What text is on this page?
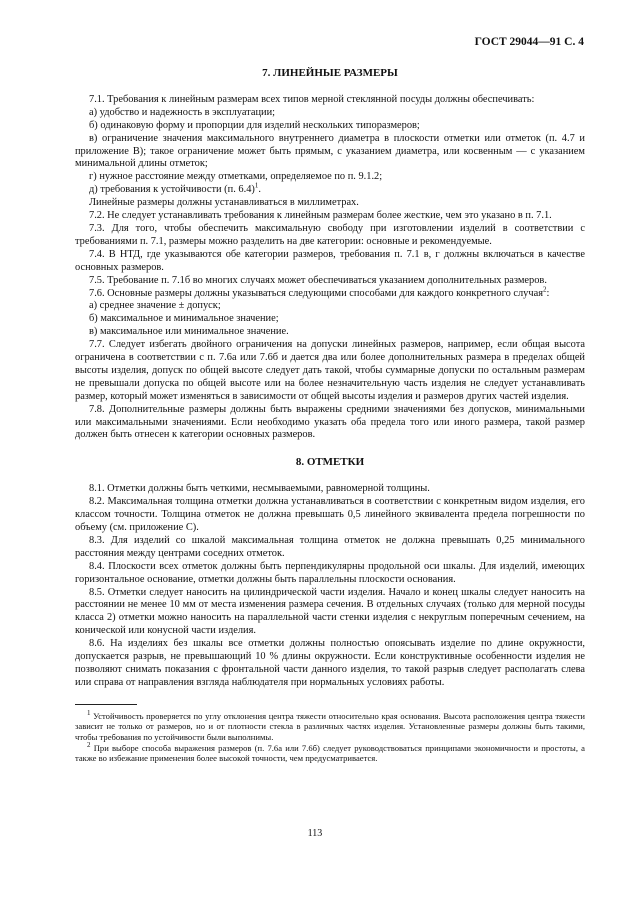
ГОСТ 29044—91 С. 4
7. ЛИНЕЙНЫЕ РАЗМЕРЫ

7.1. Требования к линейным размерам всех типов мерной стеклянной посуды должны обеспечивать:

а) удобство и надежность в эксплуатации;

б) одинаковую форму и пропорции для изделий нескольких типоразмеров;

в) ограничение значения максимального внутреннего диаметра в плоскости отметки или отметок (п. 4.7 и приложение В); такое ограничение может быть прямым, с указанием диаметра, или косвенным — с указанием минимальной длины отметок;

г) нужное расстояние между отметками, определяемое по п. 9.1.2;

д) требования к устойчивости (п. 6.4)$^1$.

Линейные размеры должны устанавливаться в миллиметрах.

7.2. Не следует устанавливать требования к линейным размерам более жесткие, чем это указано в п. 7.1.

7.3. Для того, чтобы обеспечить максимальную свободу при изготовлении изделий в соответствии с требованиями п. 7.1, размеры можно разделить на две категории: основные и рекомендуемые.

7.4. В НТД, где указываются обе категории размеров, требования п. 7.1 в, г должны включаться в качестве основных размеров.

7.5. Требование п. 7.1б во многих случаях может обеспечиваться указанием дополнительных размеров.

7.6. Основные размеры должны указываться следующими способами для каждого конкретного случая$^2$:

а) среднее значение ± допуск;

б) максимальное и минимальное значение;

в) максимальное или минимальное значение.

7.7. Следует избегать двойного ограничения на допуски линейных размеров, например, если общая высота ограничена в соответствии с п. 7.6а или 7.6б и дается два или более дополнительных размера в пределах общей высоты изделия, допуск по общей высоте следует дать такой, чтобы суммарные допуски по остальным размерам не превышали допуска по общей высоте или на более незначительную часть изделия не следует устанавливать размер, который может изменяться в зависимости от общей высоты изделия и размеров других частей изделия.

7.8. Дополнительные размеры должны быть выражены средними значениями без допусков, минимальными или максимальными значениями. Если необходимо указать оба предела того или иного размера, такой размер должен быть отнесен к категории основных размеров.

8. ОТМЕТКИ

8.1. Отметки должны быть четкими, несмываемыми, равномерной толщины.

8.2. Максимальная толщина отметки должна устанавливаться в соответствии с конкретным видом изделия, его классом точности. Толщина отметок не должна превышать 0,5 линейного эквивалента предела погрешности по объему (см. приложение С).

8.3. Для изделий со шкалой максимальная толщина отметок не должна превышать 0,25 минимального расстояния между центрами соседних отметок.

8.4. Плоскости всех отметок должны быть перпендикулярны продольной оси шкалы. Для изделий, имеющих горизонтальное основание, отметки должны быть параллельны плоскости основания.

8.5. Отметки следует наносить на цилиндрической части изделия. Начало и конец шкалы следует наносить на расстоянии не менее 10 мм от места изменения размера сечения. В отдельных случаях (только для мерной посуды класса 2) отметки можно наносить на параллельной части стенки изделия с некруглым поперечным сечением, на конической или конусной части изделия.

8.6. На изделиях без шкалы все отметки должны полностью опоясывать изделие по длине окружности, допускается разрыв, не превышающий 10 % длины окружности. Если конструктивные особенности изделия не позволяют снимать показания с фронтальной части данного изделия, то такой разрыв следует располагать слева или справа от направления взгляда наблюдателя при нормальных условиях работы.

$^1$ Устойчивость проверяется по углу отклонения центра тяжести относительно края основания. Высота расположения центра тяжести зависит не только от размеров, но и от плотности стекла в различных частях изделия. Установленные размеры должны быть такими, чтобы требования по устойчивости были выполнимы.

$^2$ При выборе способа выражения размеров (п. 7.6а или 7.6б) следует руководствоваться принципами экономичности и простоты, а также во избежание применения более высокой точности, чем предусматривается.

113
